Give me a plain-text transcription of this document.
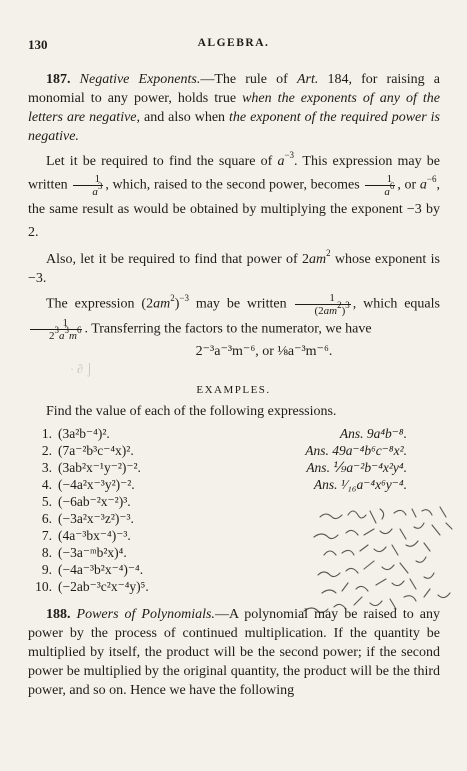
130	ALGEBRA.
187. Negative Exponents.—The rule of Art. 184, for raising a monomial to any power, holds true when the exponents of any of the letters are negative, and also when the exponent of the required power is negative.
Let it be required to find the square of $a^{-3}$. This expression may be written $\frac{1}{a^3}$ , which, raised to the second power, becomes $\frac{1}{a^6}$ , or $a^{-6}$, the same result as would be obtained by multiplying the exponent −3 by 2.
Also, let it be required to find that power of $2am^2$ whose exponent is −3.
The expression $(2am^2)^{-3}$ may be written $\frac{1}{(2am^2)^3}$ , which equals
$\frac{1}{2^3a^3m^6}$ . Transferring the factors to the numerator, we have
2⁻³a⁻³m⁻⁶, or ⅛a⁻³m⁻⁶.
· ∂ ⌡
EXAMPLES.
Find the value of each of the following expressions.
1. (3a²b⁻⁴)².	Ans. 9a⁴b⁻⁸.
2. (7a⁻²b³c⁻⁴x)².	Ans. 49a⁻⁴b⁶c⁻⁸x².
3. (3ab²x⁻¹y⁻²)⁻².	Ans. ⅑a⁻²b⁻⁴x²y⁴.
4. (−4a²x⁻³y²)⁻².	Ans. ¹⁄₁₆a⁻⁴x⁶y⁻⁴.
5. (−6ab⁻²x⁻²)³.
6. (−3a²x⁻³z²)⁻³.
7. (4a⁻³bx⁻⁴)⁻³.
8. (−3a⁻ᵐb²x)⁴.
9. (−4a⁻³b²x⁻⁴)⁻⁴.
10. (−2ab⁻³c²x⁻⁴y)⁵.
188. Powers of Polynomials.—A polynomial may be raised to any power by the process of continued multiplication. If the quantity be multiplied by itself, the product will be the second power; if the second power be multiplied by the original quantity, the product will be the third power, and so on. Hence we have the following
